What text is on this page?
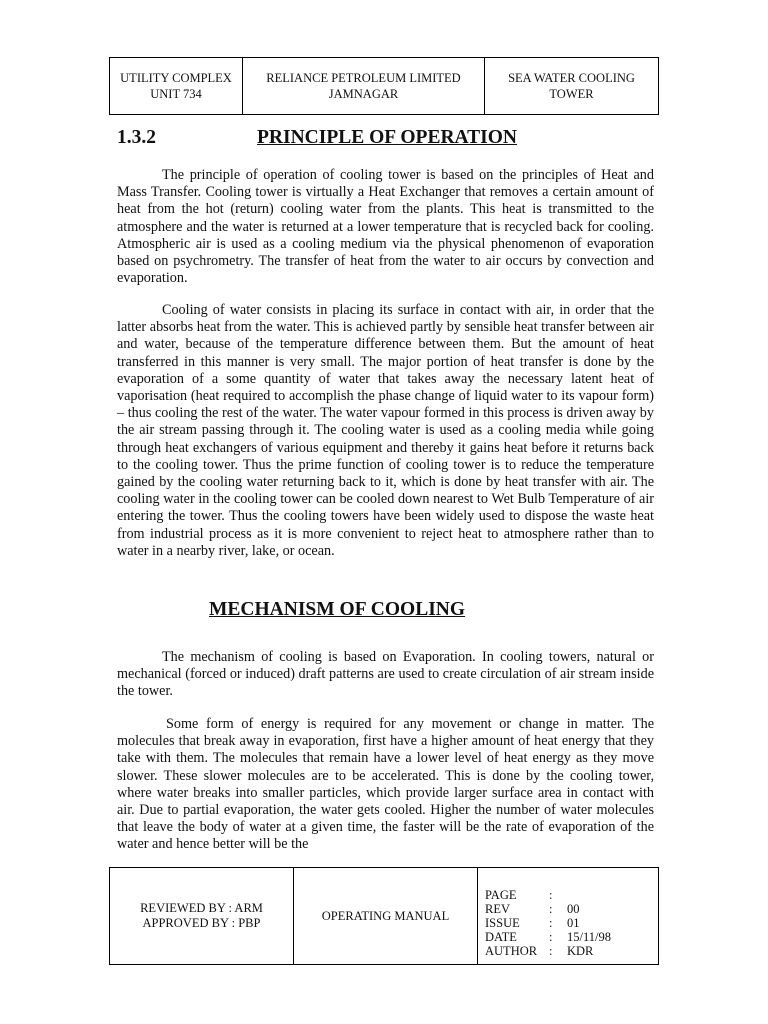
UTILITY COMPLEX
UNIT 734
RELIANCE PETROLEUM LIMITED
JAMNAGAR
SEA WATER COOLING
TOWER
1.3.2	PRINCIPLE OF OPERATION

The principle of operation of cooling tower is based on the principles of Heat and Mass Transfer. Cooling tower is virtually a Heat Exchanger that removes a certain amount of heat from the hot (return) cooling water from the plants. This heat is transmitted to the atmosphere and the water is returned at a lower temperature that is recycled back for cooling. Atmospheric air is used as a cooling medium via the physical phenomenon of evaporation based on psychrometry. The transfer of heat from the water to air occurs by convection and evaporation.

Cooling of water consists in placing its surface in contact with air, in order that the latter absorbs heat from the water. This is achieved partly by sensible heat transfer between air and water, because of the temperature difference between them. But the amount of heat transferred in this manner is very small. The major portion of heat transfer is done by the evaporation of a some quantity of water that takes away the necessary latent heat of vaporisation (heat required to accomplish the phase change of liquid water to its vapour form) – thus cooling the rest of the water. The water vapour formed in this process is driven away by the air stream passing through it. The cooling water is used as a cooling media while going through heat exchangers of various equipment and thereby it gains heat before it returns back to the cooling tower. Thus the prime function of cooling tower is to reduce the temperature gained by the cooling water returning back to it, which is done by heat transfer with air. The cooling water in the cooling tower can be cooled down nearest to Wet Bulb Temperature of air entering the tower. Thus the cooling towers have been widely used to dispose the waste heat from industrial process as it is more convenient to reject heat to atmosphere rather than to water in a nearby river, lake, or ocean.

MECHANISM OF COOLING

The mechanism of cooling is based on Evaporation. In cooling towers, natural or mechanical (forced or induced) draft patterns are used to create circulation of air stream inside the tower.

Some form of energy is required for any movement or change in matter. The molecules that break away in evaporation, first have a higher amount of heat energy that they take with them. The molecules that remain have a lower level of heat energy as they move slower. These slower molecules are to be accelerated. This is done by the cooling tower, where water breaks into smaller particles, which provide larger surface area in contact with air. Due to partial evaporation, the water gets cooled. Higher the number of water molecules that leave the body of water at a given time, the faster will be the rate of evaporation of the water and hence better will be the

REVIEWED BY : ARM
APPROVED BY : PBP
OPERATING MANUAL
PAGE	:
REV	:	00
ISSUE	:	01
DATE	:	15/11/98
AUTHOR :	KDR
